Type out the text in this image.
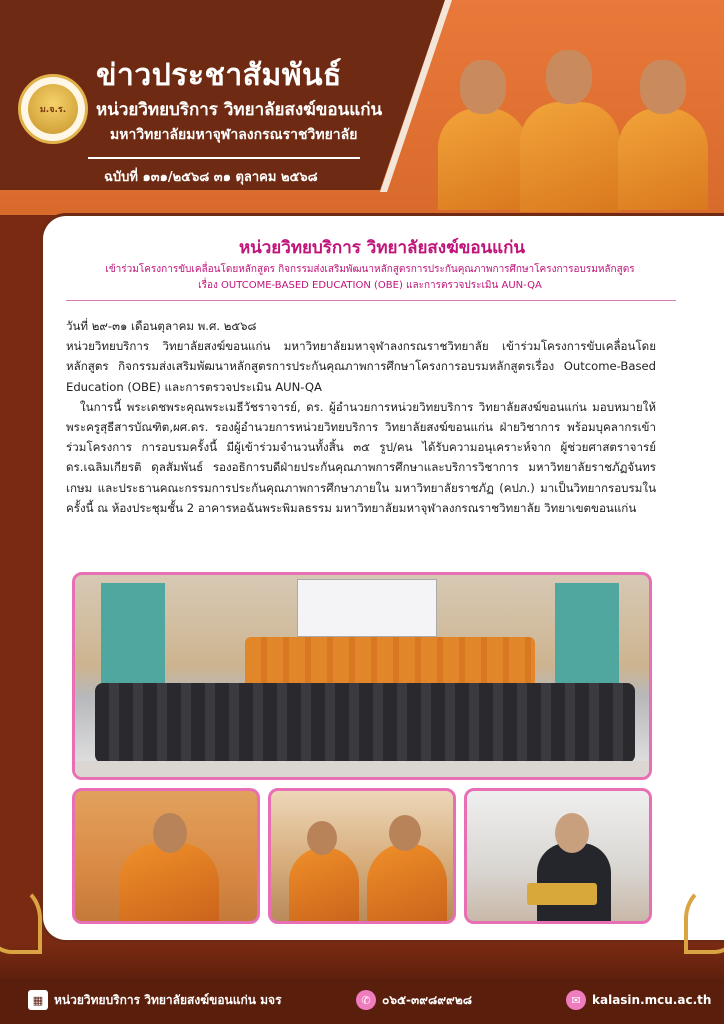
ม.จ.ร.
ข่าวประชาสัมพันธ์
หน่วยวิทยบริการ วิทยาลัยสงฆ์ขอนแก่น
มหาวิทยาลัยมหาจุฬาลงกรณราชวิทยาลัย
ฉบับที่ ๑๓๑/๒๕๖๘ ๓๑ ตุลาคม ๒๕๖๘
หน่วยวิทยบริการ วิทยาลัยสงฆ์ขอนแก่น
เข้าร่วมโครงการขับเคลื่อนโดยหลักสูตร กิจกรรมส่งเสริมพัฒนาหลักสูตรการประกันคุณภาพการศึกษาโครงการอบรมหลักสูตร
เรื่อง OUTCOME-BASED EDUCATION (OBE) และการตรวจประเมิน AUN-QA

วันที่ ๒๙-๓๑ เดือนตุลาคม พ.ศ. ๒๕๖๘

หน่วยวิทยบริการ วิทยาลัยสงฆ์ขอนแก่น มหาวิทยาลัยมหาจุฬาลงกรณราชวิทยาลัย เข้าร่วมโครงการขับเคลื่อนโดยหลักสูตร กิจกรรมส่งเสริมพัฒนาหลักสูตรการประกันคุณภาพการศึกษาโครงการอบรมหลักสูตรเรื่อง Outcome-Based Education (OBE) และการตรวจประเมิน AUN-QA

ในการนี้ พระเดชพระคุณพระเมธีวัชราจารย์, ดร. ผู้อำนวยการหน่วยวิทยบริการ วิทยาลัยสงฆ์ขอนแก่น มอบหมายให้ พระครูสุธีสารบัณฑิต,ผศ.ดร. รองผู้อำนวยการหน่วยวิทยบริการ วิทยาลัยสงฆ์ขอนแก่น ฝ่ายวิชาการ พร้อมบุคลากรเข้าร่วมโครงการ การอบรมครั้งนี้ มีผู้เข้าร่วมจำนวนทั้งสิ้น ๓๕ รูป/คน ได้รับความอนุเคราะห์จาก ผู้ช่วยศาสตราจารย์ ดร.เฉลิมเกียรติ ดุลสัมพันธ์ รองอธิการบดีฝ่ายประกันคุณภาพการศึกษาและบริการวิชาการ มหาวิทยาลัยราชภัฏจันทรเกษม และประธานคณะกรรมการประกันคุณภาพการศึกษาภายใน มหาวิทยาลัยราชภัฏ (คปภ.) มาเป็นวิทยากรอบรมในครั้งนี้ ณ ห้องประชุมชั้น 2 อาคารหอฉันพระพิมลธรรม มหาวิทยาลัยมหาจุฬาลงกรณราชวิทยาลัย วิทยาเขตขอนแก่น

▦ หน่วยวิทยบริการ วิทยาลัยสงฆ์ขอนแก่น มจร	✆ ๐๖๕-๓๙๘๙๙๒๘	✉ kalasin.mcu.ac.th
